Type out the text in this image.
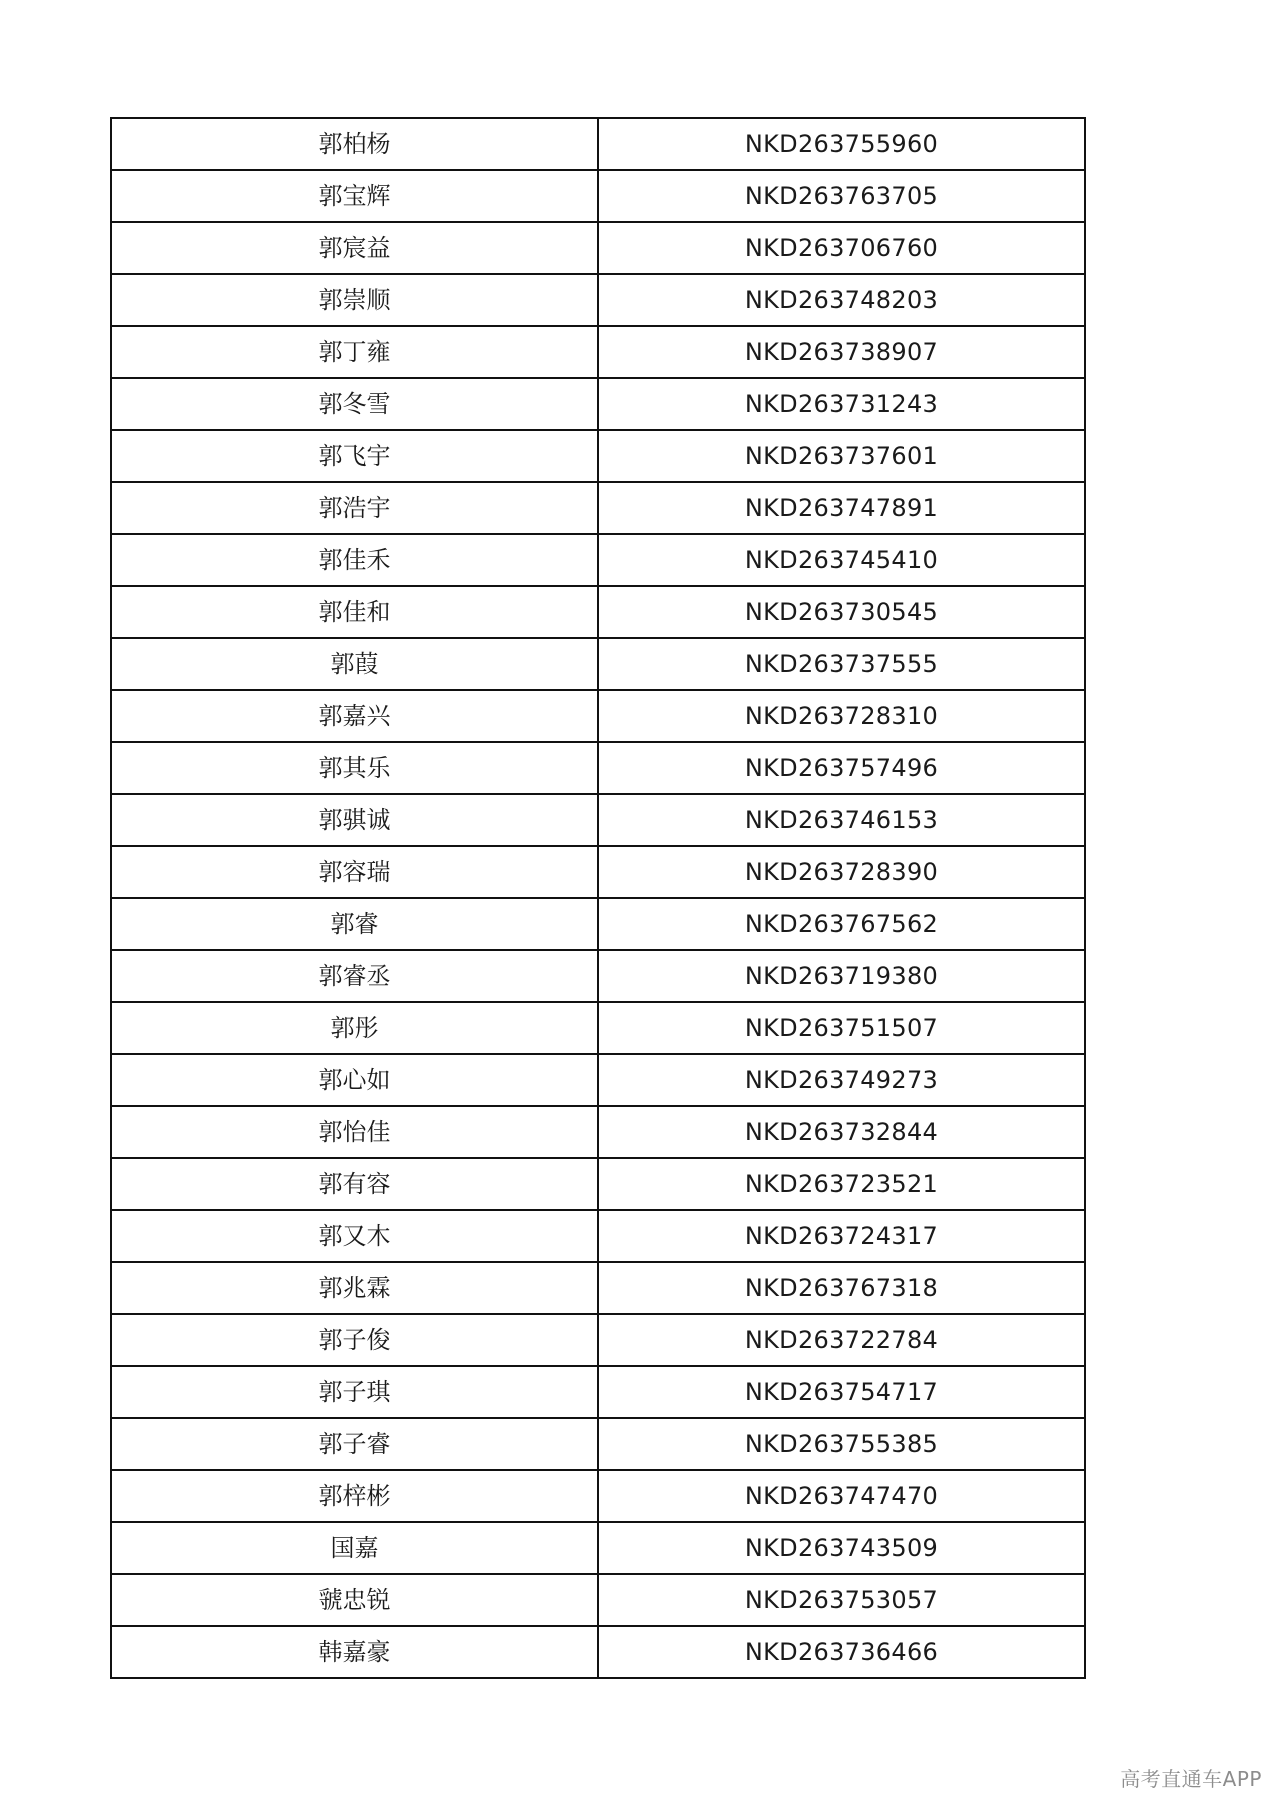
郭柏杨	NKD263755960
郭宝辉	NKD263763705
郭宸益	NKD263706760
郭崇顺	NKD263748203
郭丁雍	NKD263738907
郭冬雪	NKD263731243
郭飞宇	NKD263737601
郭浩宇	NKD263747891
郭佳禾	NKD263745410
郭佳和	NKD263730545
郭葭	NKD263737555
郭嘉兴	NKD263728310
郭其乐	NKD263757496
郭骐诚	NKD263746153
郭容瑞	NKD263728390
郭睿	NKD263767562
郭睿丞	NKD263719380
郭彤	NKD263751507
郭心如	NKD263749273
郭怡佳	NKD263732844
郭有容	NKD263723521
郭又木	NKD263724317
郭兆霖	NKD263767318
郭子俊	NKD263722784
郭子琪	NKD263754717
郭子睿	NKD263755385
郭梓彬	NKD263747470
国嘉	NKD263743509
虢忠锐	NKD263753057
韩嘉豪	NKD263736466
高考直通车APP
